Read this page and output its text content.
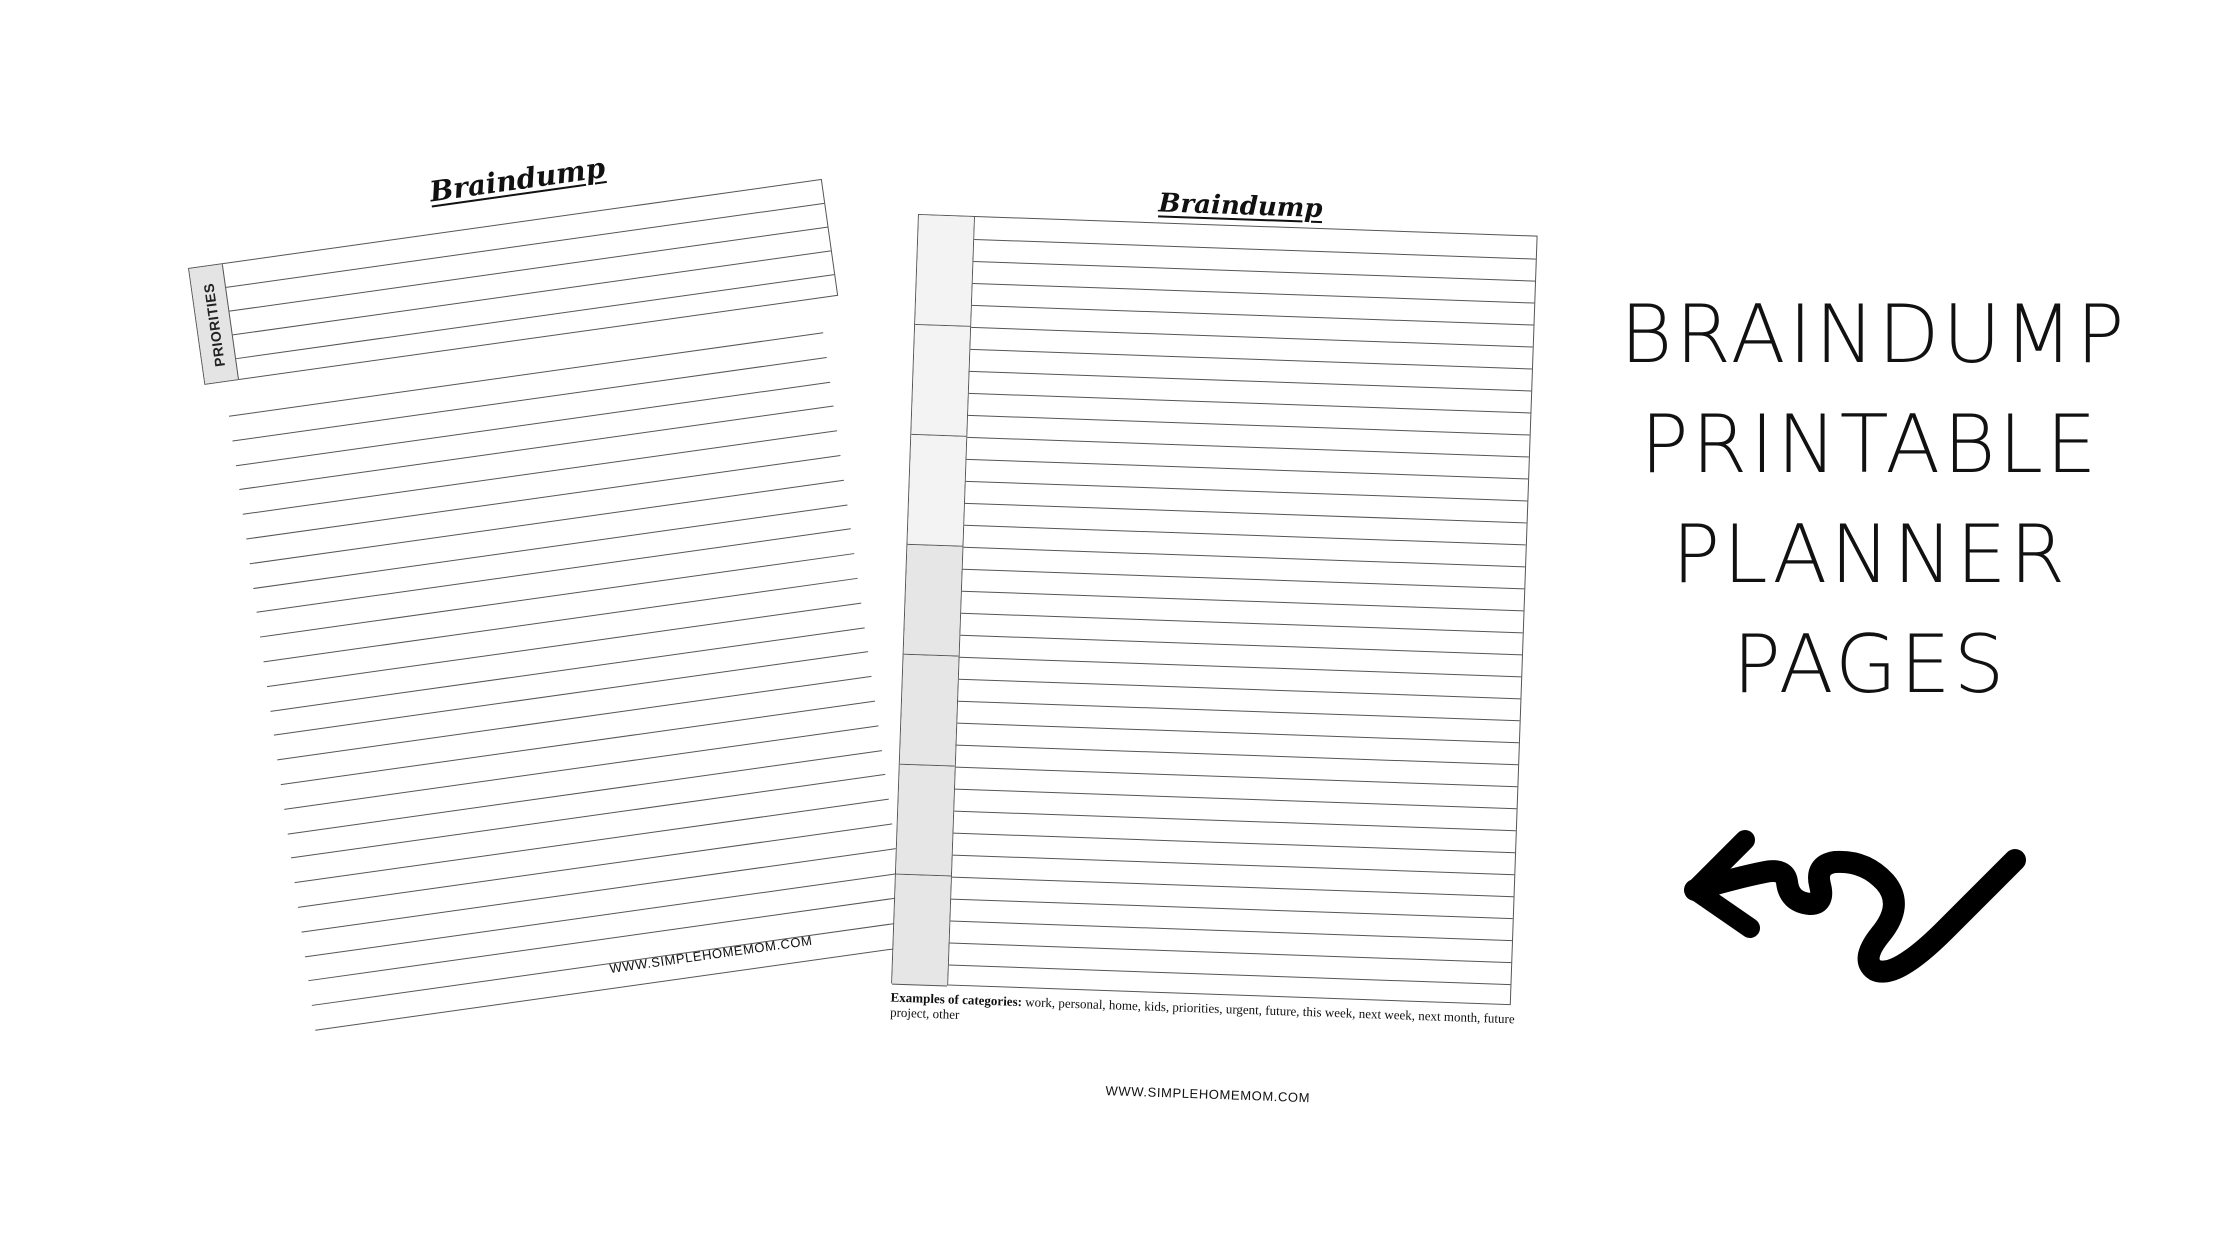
Braindump
PRIORITIES
WWW.SIMPLEHOMEMOM.COM
Braindump
Examples of categories: work, personal, home, kids, priorities, urgent, future, this week, next week, next month, future project, other
WWW.SIMPLEHOMEMOM.COM
BRAINDUMP
PRINTABLE
PLANNER
PAGES
